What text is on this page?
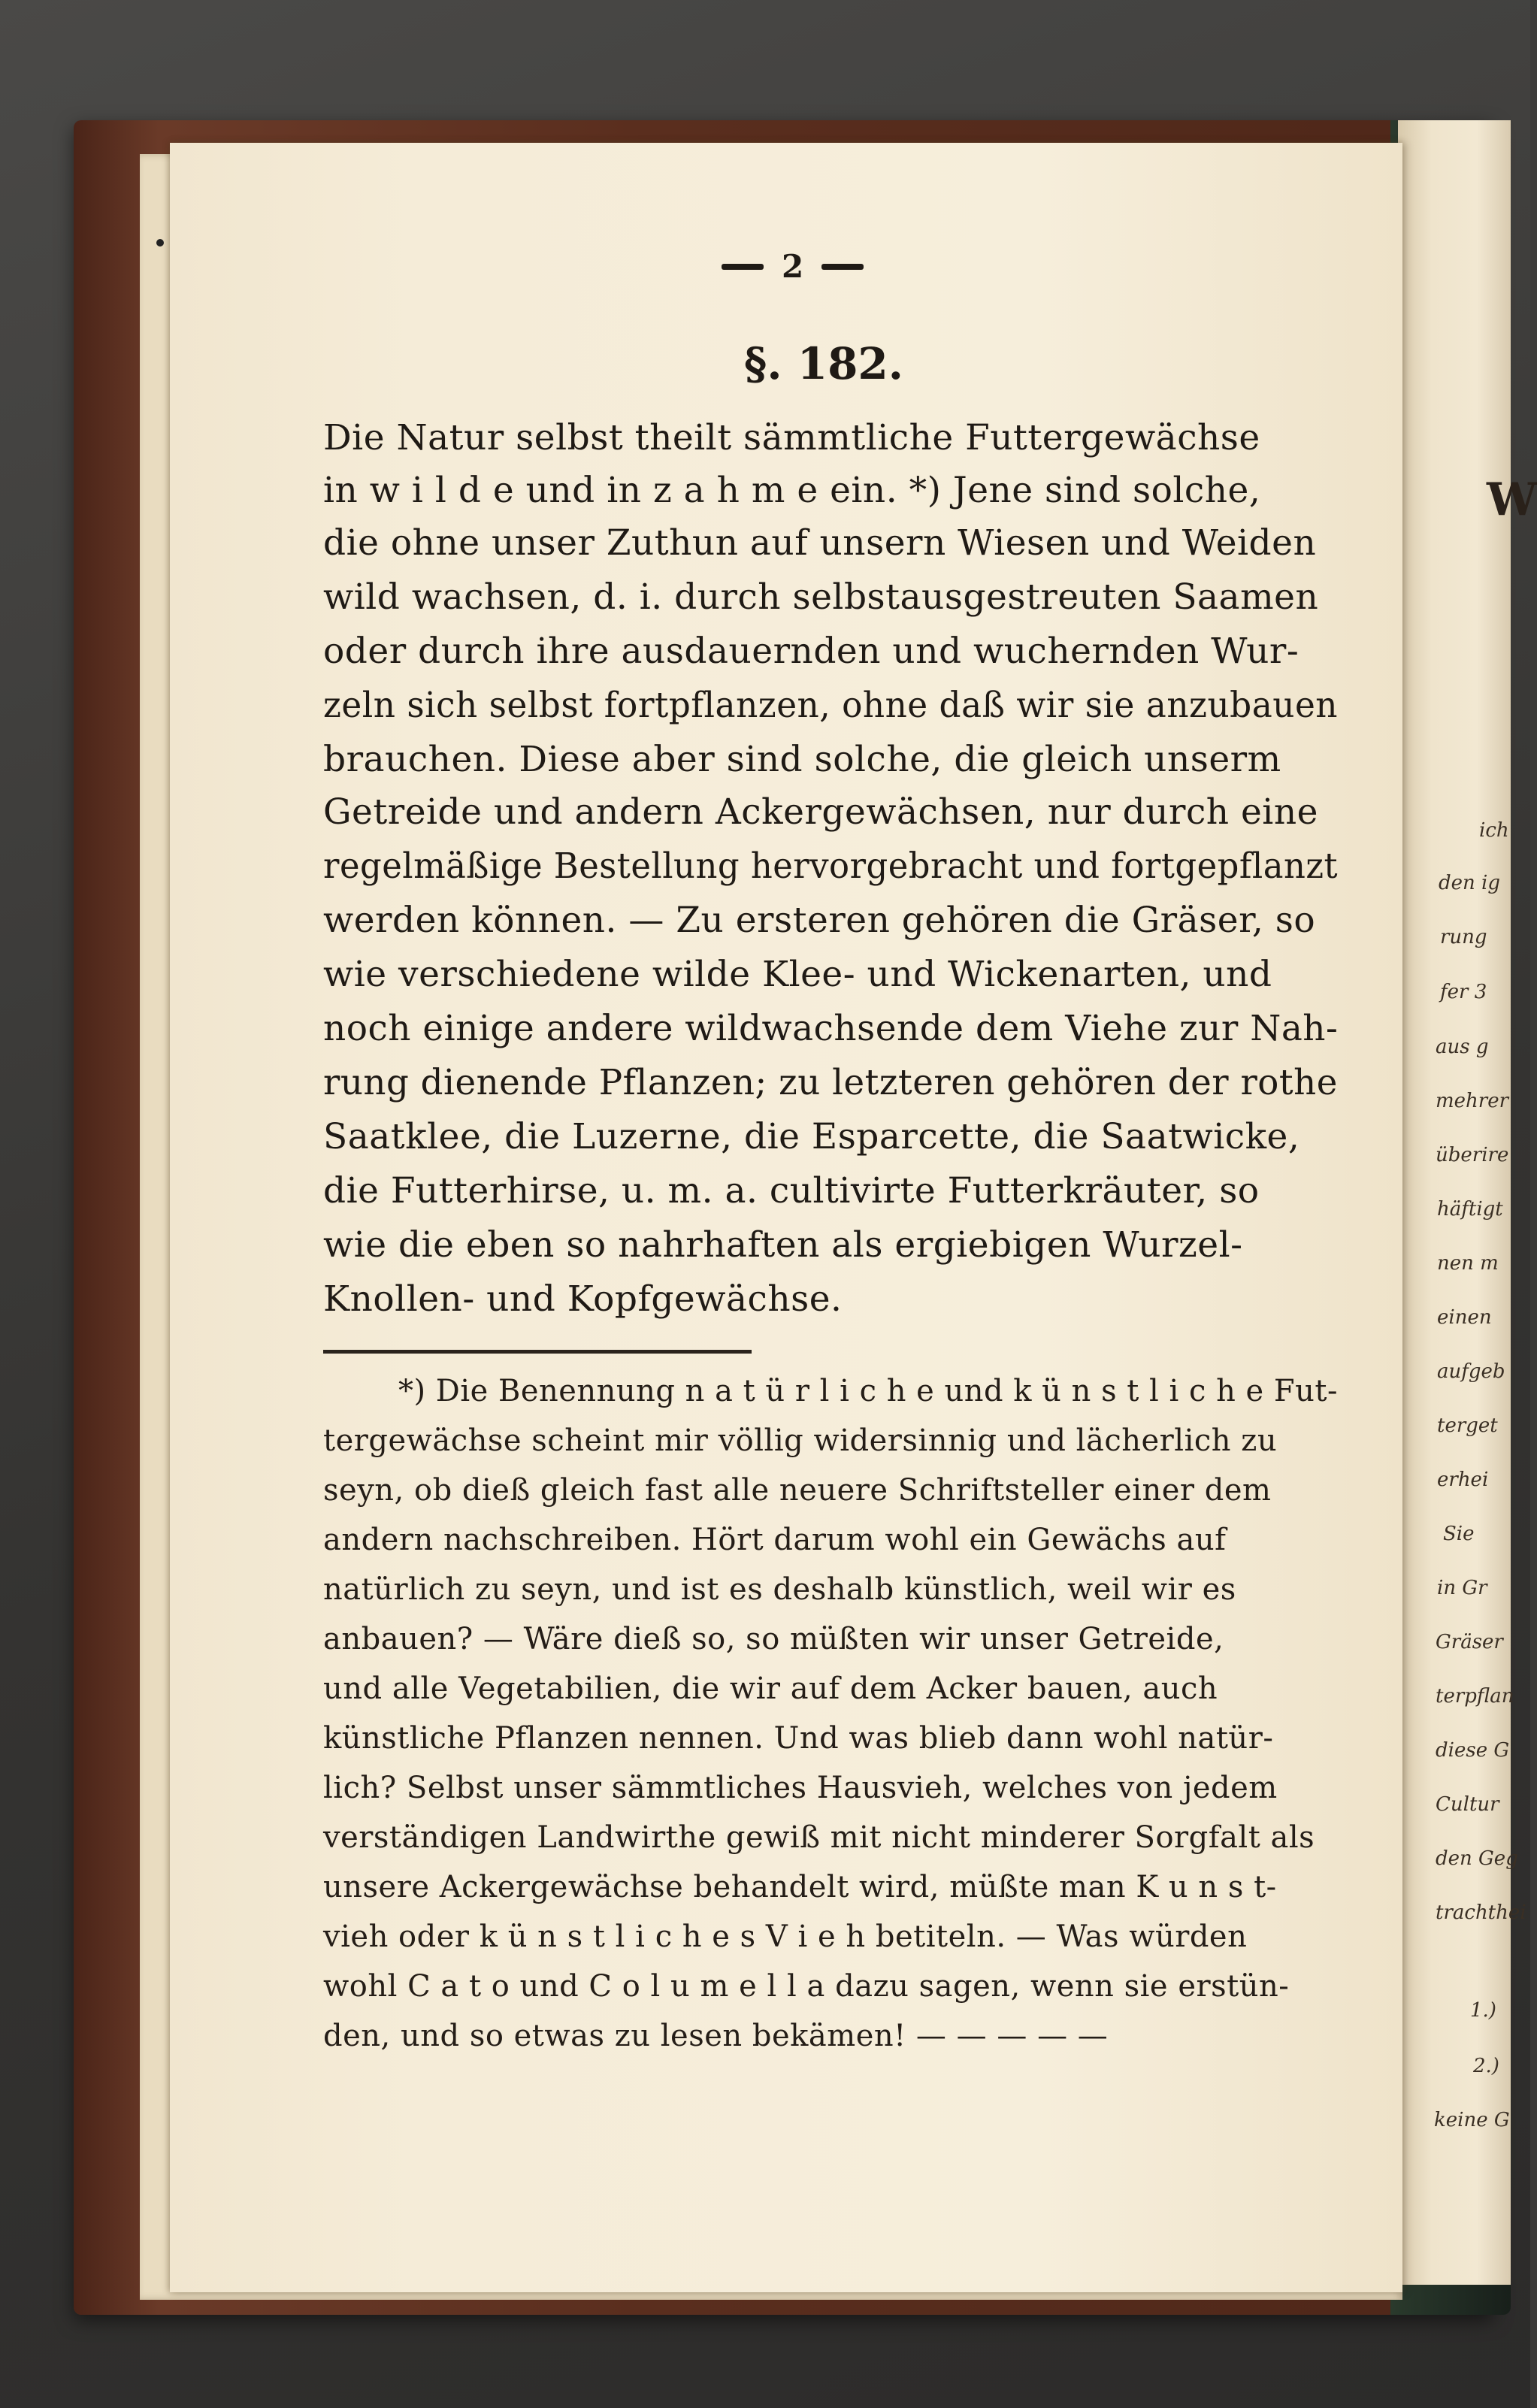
W
ich
den ig
rung
fer 3
aus g
mehrer
überire
häftigt
nen m
einen
aufgeb
terget
erhei
Sie
in Gr
Gräser
terpflan
diese G
Cultur
den Geg
trachthei
1.)
2.)
keine G
2
§. 182.
Die Natur selbst theilt sämmtliche Futtergewächse
in w i l d e und in z a h m e ein. *) Jene sind solche,
die ohne unser Zuthun auf unsern Wiesen und Weiden
wild wachsen, d. i. durch selbstausgestreuten Saamen
oder durch ihre ausdauernden und wuchernden Wur-
zeln sich selbst fortpflanzen, ohne daß wir sie anzubauen
brauchen. Diese aber sind solche, die gleich unserm
Getreide und andern Ackergewächsen, nur durch eine
regelmäßige Bestellung hervorgebracht und fortgepflanzt
werden können. — Zu ersteren gehören die Gräser, so
wie verschiedene wilde Klee- und Wickenarten, und
noch einige andere wildwachsende dem Viehe zur Nah-
rung dienende Pflanzen; zu letzteren gehören der rothe
Saatklee, die Luzerne, die Esparcette, die Saatwicke,
die Futterhirse, u. m. a. cultivirte Futterkräuter, so
wie die eben so nahrhaften als ergiebigen Wurzel-
Knollen- und Kopfgewächse.
*) Die Benennung n a t ü r l i c h e und k ü n s t l i c h e Fut-
tergewächse scheint mir völlig widersinnig und lächerlich zu
seyn, ob dieß gleich fast alle neuere Schriftsteller einer dem
andern nachschreiben. Hört darum wohl ein Gewächs auf
natürlich zu seyn, und ist es deshalb künstlich, weil wir es
anbauen? — Wäre dieß so, so müßten wir unser Getreide,
und alle Vegetabilien, die wir auf dem Acker bauen, auch
künstliche Pflanzen nennen. Und was blieb dann wohl natür-
lich? Selbst unser sämmtliches Hausvieh, welches von jedem
verständigen Landwirthe gewiß mit nicht minderer Sorgfalt als
unsere Ackergewächse behandelt wird, müßte man K u n s t-
vieh oder k ü n s t l i c h e s V i e h betiteln. — Was würden
wohl C a t o und C o l u m e l l a dazu sagen, wenn sie erstün-
den, und so etwas zu lesen bekämen! — — — — —
